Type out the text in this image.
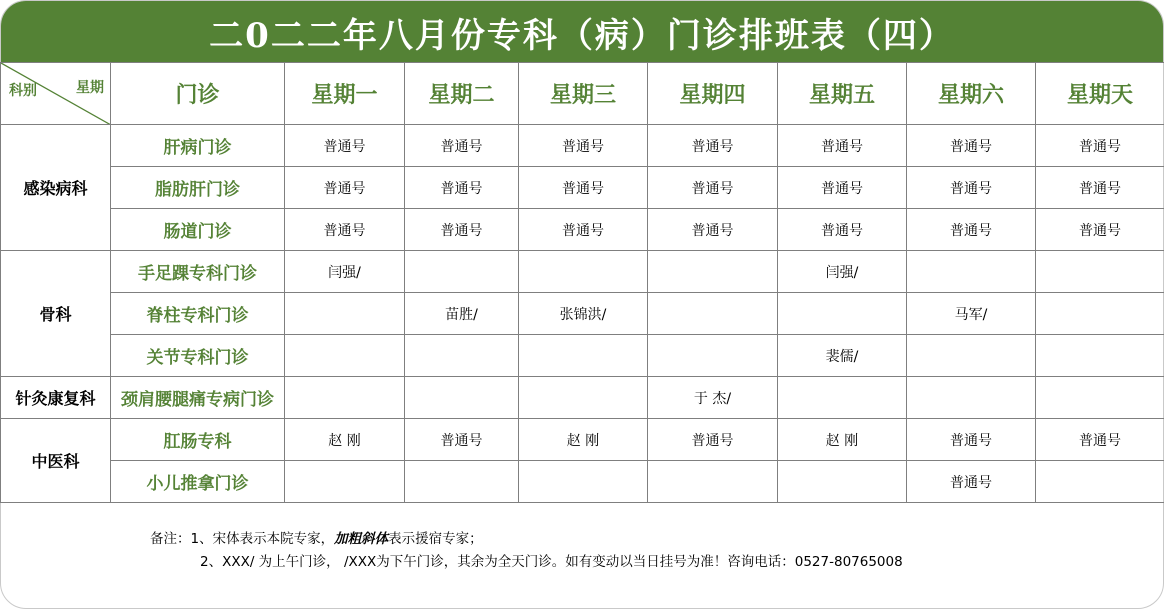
二0二二年八月份专科（病）门诊排班表（四）
科别 星期	门诊	星期一	星期二	星期三	星期四	星期五	星期六	星期天
感染病科	肝病门诊	普通号	普通号	普通号	普通号	普通号	普通号	普通号
	脂肪肝门诊	普通号	普通号	普通号	普通号	普通号	普通号	普通号
	肠道门诊	普通号	普通号	普通号	普通号	普通号	普通号	普通号
骨科	手足踝专科门诊	闫强/				闫强/		
	脊柱专科门诊		苗胜/	张锦洪/			马军/	
	关节专科门诊					裴儒/		
针灸康复科	颈肩腰腿痛专病门诊				于 杰/			
中医科	肛肠专科	赵 刚	普通号	赵 刚	普通号	赵 刚	普通号	普通号
	小儿推拿门诊						普通号	
备注：1、宋体表示本院专家，加粗斜体表示援宿专家；
2、XXX/ 为上午门诊， /XXX为下午门诊，其余为全天门诊。如有变动以当日挂号为准！咨询电话：0527-80765008
